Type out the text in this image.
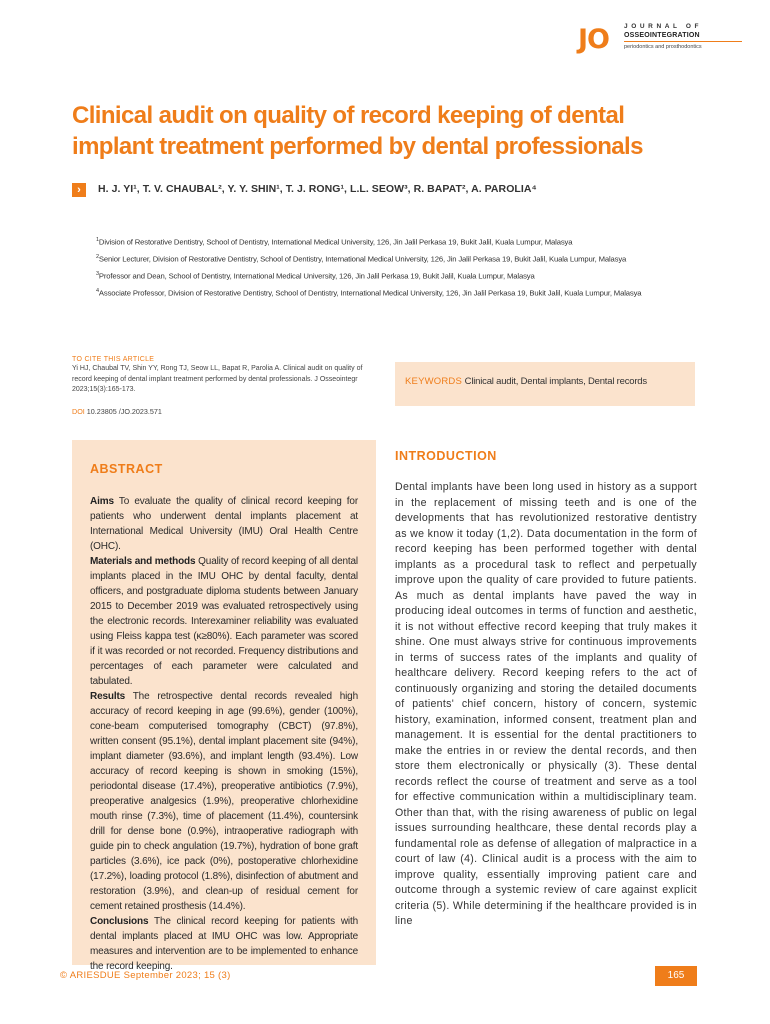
JO JOURNAL OF
OSSEOINTEGRATION
periodontics and prosthodontics
Clinical audit on quality of record keeping of dental implant treatment performed by dental professionals
›	H. J. YI¹, T. V. CHAUBAL², Y. Y. SHIN¹, T. J. RONG¹, L.L. SEOW³, R. BAPAT², A. PAROLIA⁴
$^1$Division of Restorative Dentistry, School of Dentistry, International Medical University, 126, Jin Jalil Perkasa 19, Bukit Jalil, Kuala Lumpur, Malasya
$^2$Senior Lecturer, Division of Restorative Dentistry, School of Dentistry, International Medical University, 126, Jin Jalil Perkasa 19, Bukit Jalil, Kuala Lumpur, Malasya
$^3$Professor and Dean, School of Dentistry, International Medical University, 126, Jin Jalil Perkasa 19, Bukit Jalil, Kuala Lumpur, Malasya
$^4$Associate Professor, Division of Restorative Dentistry, School of Dentistry, International Medical University, 126, Jin Jalil Perkasa 19, Bukit Jalil, Kuala Lumpur, Malasya
TO CITE THIS ARTICLE
Yi HJ, Chaubal TV, Shin YY, Rong TJ, Seow LL, Bapat R, Parolia A. Clinical audit on quality of record keeping of dental implant treatment performed by dental professionals. J Osseointegr 2023;15(3):165-173.
DOI 10.23805 /JO.2023.571
KEYWORDS Clinical audit, Dental implants, Dental records
ABSTRACT
Aims To evaluate the quality of clinical record keeping for patients who underwent dental implants placement at International Medical University (IMU) Oral Health Centre (OHC).
Materials and methods Quality of record keeping of all dental implants placed in the IMU OHC by dental faculty, dental officers, and postgraduate diploma students between January 2015 to December 2019 was evaluated retrospectively using the electronic records. Interexaminer reliability was evaluated using Fleiss kappa test (κ≥80%). Each parameter was scored if it was recorded or not recorded. Frequency distributions and percentages of each parameter were calculated and tabulated.
Results The retrospective dental records revealed high accuracy of record keeping in age (99.6%), gender (100%), cone-beam computerised tomography (CBCT) (97.8%), written consent (95.1%), dental implant placement site (94%), implant diameter (93.6%), and implant length (93.4%). Low accuracy of record keeping is shown in smoking (15%), periodontal disease (17.4%), preoperative antibiotics (7.9%), preoperative analgesics (1.9%), preoperative chlorhexidine mouth rinse (7.3%), time of placement (11.4%), countersink drill for dense bone (0.9%), intraoperative radiograph with guide pin to check angulation (19.7%), hydration of bone graft particles (3.6%), ice pack (0%), postoperative chlorhexidine (17.2%), loading protocol (1.8%), disinfection of abutment and restoration (3.9%), and clean-up of residual cement for cement retained prosthesis (14.4%).
Conclusions The clinical record keeping for patients with dental implants placed at IMU OHC was low. Appropriate measures and intervention are to be implemented to enhance the record keeping.
INTRODUCTION
Dental implants have been long used in history as a support in the replacement of missing teeth and is one of the developments that has revolutionized restorative dentistry as we know it today (1,2). Data documentation in the form of record keeping has been performed together with dental implants as a procedural task to reflect and perpetually improve upon the quality of care provided to future patients. As much as dental implants have paved the way in producing ideal outcomes in terms of function and aesthetic, it is not without effective record keeping that truly makes it shine. One must always strive for continuous improvements in terms of success rates of the implants and quality of healthcare delivery. Record keeping refers to the act of continuously organizing and storing the detailed documents of patients' chief concern, history of concern, systemic history, examination, informed consent, treatment plan and management. It is essential for the dental practitioners to make the entries in or review the dental records, and then store them electronically or physically (3). These dental records reflect the course of treatment and serve as a tool for effective communication within a multidisciplinary team. Other than that, with the rising awareness of public on legal issues surrounding healthcare, these dental records play a fundamental role as defense of allegation of malpractice in a court of law (4). Clinical audit is a process with the aim to improve quality, essentially improving patient care and outcome through a systemic review of care against explicit criteria (5). While determining if the healthcare provided is in line
© ARIESDUE September 2023; 15 (3)	165
